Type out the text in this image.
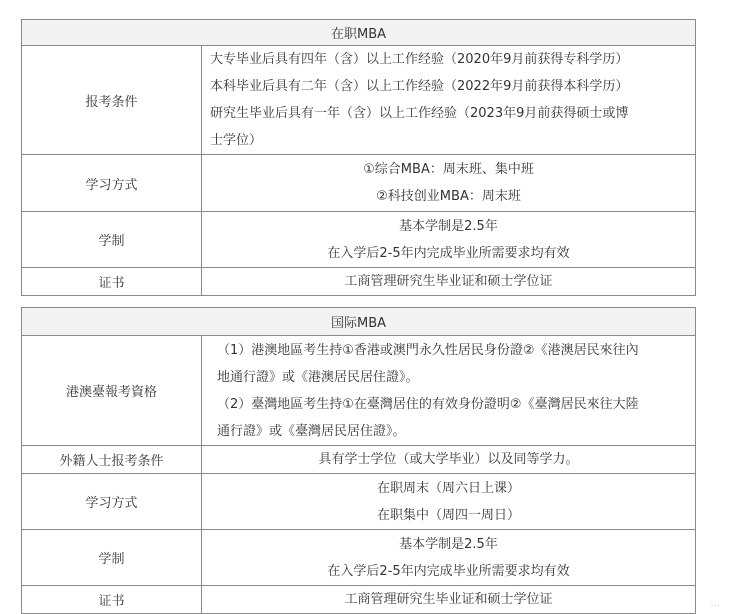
在职MBA	
报考条件	大专毕业后具有四年（含）以上工作经验（2020年9月前获得专科学历）
本科毕业后具有二年（含）以上工作经验（2022年9月前获得本科学历）
研究生毕业后具有一年（含）以上工作经验（2023年9月前获得硕士或博
士学位）

学习方式	①综合MBA：周末班、集中班
②科技创业MBA：周末班

学制	基本学制是2.5年
在入学后2-5年内完成毕业所需要求均有效

证书	工商管理研究生毕业证和硕士学位证
国际MBA	
港澳臺報考資格	（1）港澳地區考生持①香港或澳門永久性居民身份證②《港澳居民來往內
地通行證》或《港澳居民居住證》。
（2）臺灣地區考生持①在臺灣居住的有效身份證明②《臺灣居民來往大陸
通行證》或《臺灣居民居住證》。

外籍人士报考条件	具有学士学位（或大学毕业）以及同等学力。

学习方式	在职周末（周六日上课）
在职集中（周四一周日）

学制	基本学制是2.5年
在入学后2-5年内完成毕业所需要求均有效

证书	工商管理研究生毕业证和硕士学位证	···
